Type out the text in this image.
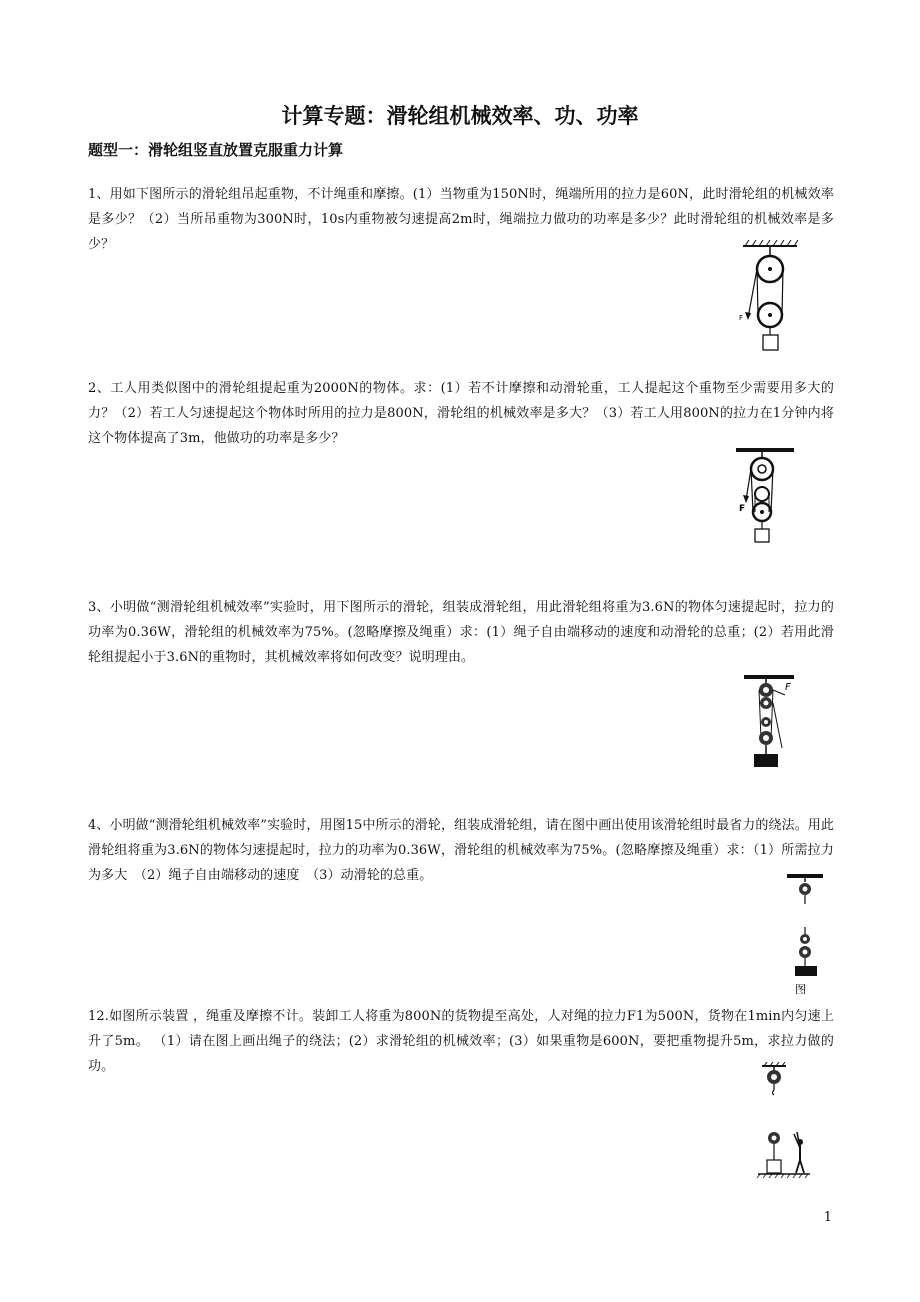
计算专题：滑轮组机械效率、功、功率
题型一：滑轮组竖直放置克服重力计算
1、用如下图所示的滑轮组吊起重物，不计绳重和摩擦。(1）当物重为150N时，绳端所用的拉力是60N，此时滑轮组的机械效率是多少？（2）当所吊重物为300N时，10s内重物被匀速提高2m时，绳端拉力做功的功率是多少？此时滑轮组的机械效率是多少？
2、工人用类似图中的滑轮组提起重为2000N的物体。求：(1）若不计摩擦和动滑轮重，工人提起这个重物至少需要用多大的力？（2）若工人匀速提起这个物体时所用的拉力是800N，滑轮组的机械效率是多大？（3）若工人用800N的拉力在1分钟内将这个物体提高了3m，他做功的功率是多少？
3、小明做“测滑轮组机械效率”实验时，用下图所示的滑轮，组装成滑轮组，用此滑轮组将重为3.6N的物体匀速提起时，拉力的功率为0.36W，滑轮组的机械效率为75%。(忽略摩擦及绳重）求：(1）绳子自由端移动的速度和动滑轮的总重；(2）若用此滑轮组提起小于3.6N的重物时，其机械效率将如何改变？说明理由。
4、小明做“测滑轮组机械效率”实验时，用图15中所示的滑轮，组装成滑轮组，请在图中画出使用该滑轮组时最省力的绕法。用此滑轮组将重为3.6N的物体匀速提起时，拉力的功率为0.36W，滑轮组的机械效率为75%。(忽略摩擦及绳重）求：（1）所需拉力为多大　（2）绳子自由端移动的速度　（3）动滑轮的总重。
12.如图所示装置 ，绳重及摩擦不计。装卸工人将重为800N的货物提至高处，人对绳的拉力F1为500N，货物在1min内匀速上升了5m。 （1）请在图上画出绳子的绕法；(2）求滑轮组的机械效率；(3）如果重物是600N，要把重物提升5m，求拉力做的功。
F
F
F
图
1
